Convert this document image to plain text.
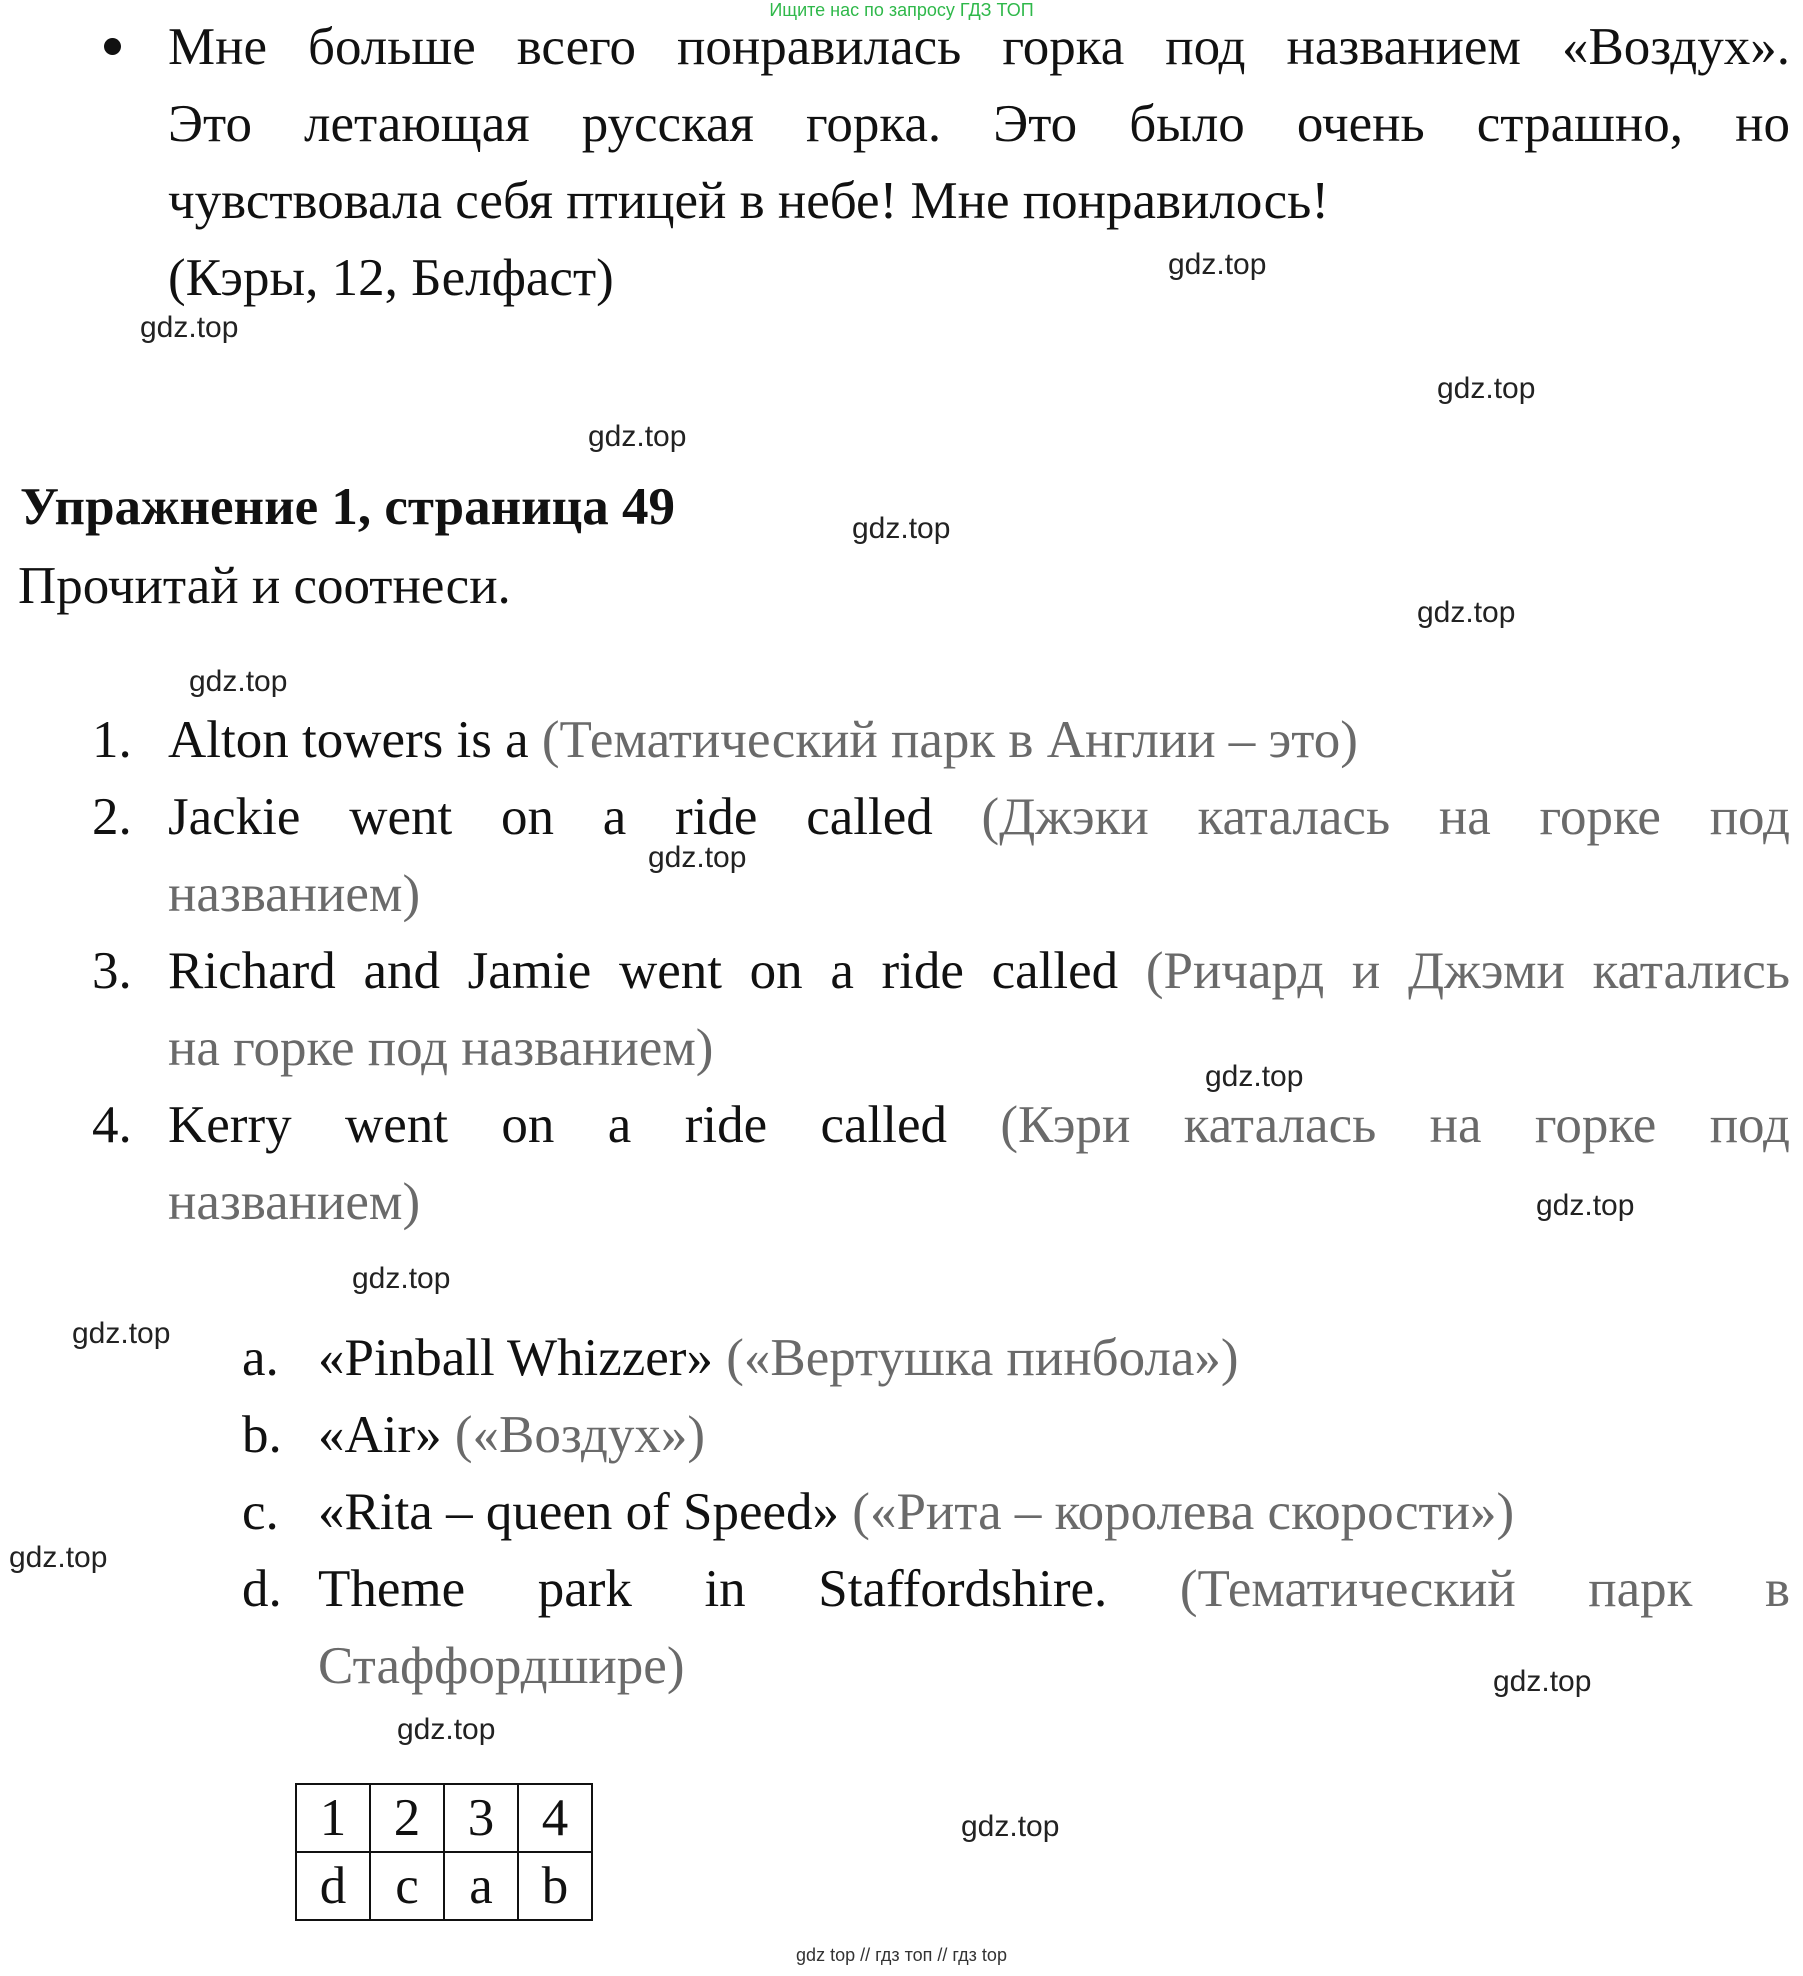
Ищите нас по запросу ГДЗ ТОП
Мне больше всего понравилась горка под названием «Воздух».
Это летающая русская горка. Это было очень страшно, но
чувствовала себя птицей в небе! Мне понравилось!
(Кэры, 12, Белфаст)
Упражнение 1, страница 49
Прочитай и соотнеси.
1. Alton towers is a (Тематический парк в Англии – это)
2. Jackie went on a ride called (Джэки каталась на горке под
названием)
3. Richard and Jamie went on a ride called (Ричард и Джэми катались
на горке под названием)
4. Kerry went on a ride called (Кэри каталась на горке под
названием)
a. «Pinball Whizzer» («Вертушка пинбола»)
b. «Air» («Воздух»)
c. «Rita – queen of Speed» («Рита – королева скорости»)
d. Theme park in Staffordshire. (Тематический парк в
Стаффордшире)
1	2	3	4
d	c	a	b
gdz.top
gdz.top
gdz.top
gdz.top
gdz.top
gdz.top
gdz.top
gdz.top
gdz.top
gdz.top
gdz.top
gdz.top
gdz.top
gdz.top
gdz.top
gdz.top
gdz top // гдз топ // гдз top
